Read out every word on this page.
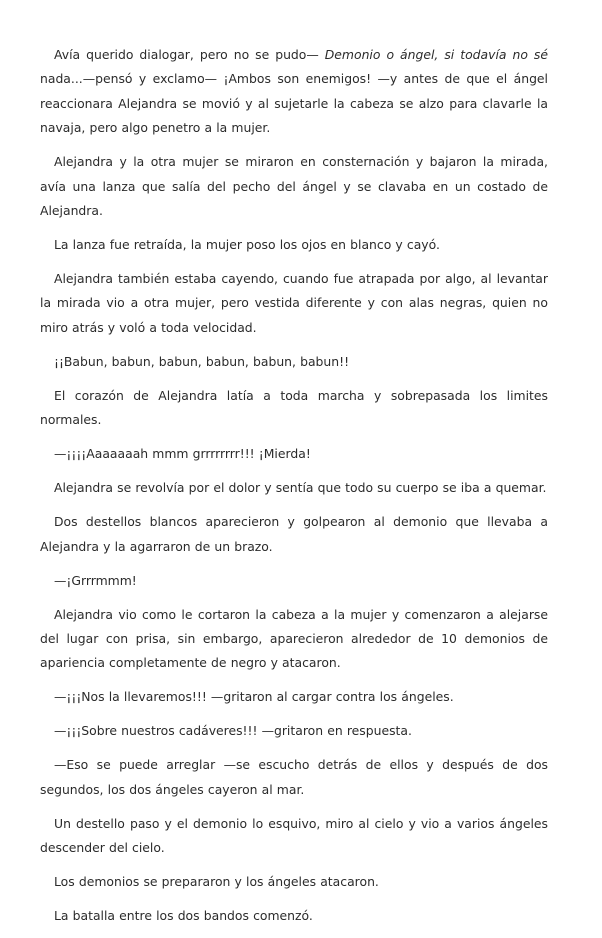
Avía querido dialogar, pero no se pudo— Demonio o ángel, si todavía no sé nada...—pensó y exclamo— ¡Ambos son enemigos! —y antes de que el ángel reaccionara Alejandra se movió y al sujetarle la cabeza se alzo para clavarle la navaja, pero algo penetro a la mujer.

Alejandra y la otra mujer se miraron en consternación y bajaron la mirada, avía una lanza que salía del pecho del ángel y se clavaba en un costado de Alejandra.

La lanza fue retraída, la mujer poso los ojos en blanco y cayó.

Alejandra también estaba cayendo, cuando fue atrapada por algo, al levantar la mirada vio a otra mujer, pero vestida diferente y con alas negras, quien no miro atrás y voló a toda velocidad.

¡¡Babun, babun, babun, babun, babun, babun!!

El corazón de Alejandra latía a toda marcha y sobrepasada los limites normales.

—¡¡¡¡Aaaaaaah mmm grrrrrrrr!!! ¡Mierda!

Alejandra se revolvía por el dolor y sentía que todo su cuerpo se iba a quemar.

Dos destellos blancos aparecieron y golpearon al demonio que llevaba a Alejandra y la agarraron de un brazo.

—¡Grrrmmm!

Alejandra vio como le cortaron la cabeza a la mujer y comenzaron a alejarse del lugar con prisa, sin embargo, aparecieron alrededor de 10 demonios de apariencia completamente de negro y atacaron.

—¡¡¡Nos la llevaremos!!! —gritaron al cargar contra los ángeles.

—¡¡¡Sobre nuestros cadáveres!!! —gritaron en respuesta.

—Eso se puede arreglar —se escucho detrás de ellos y después de dos segundos, los dos ángeles cayeron al mar.

Un destello paso y el demonio lo esquivo, miro al cielo y vio a varios ángeles descender del cielo.

Los demonios se prepararon y los ángeles atacaron.

La batalla entre los dos bandos comenzó.
